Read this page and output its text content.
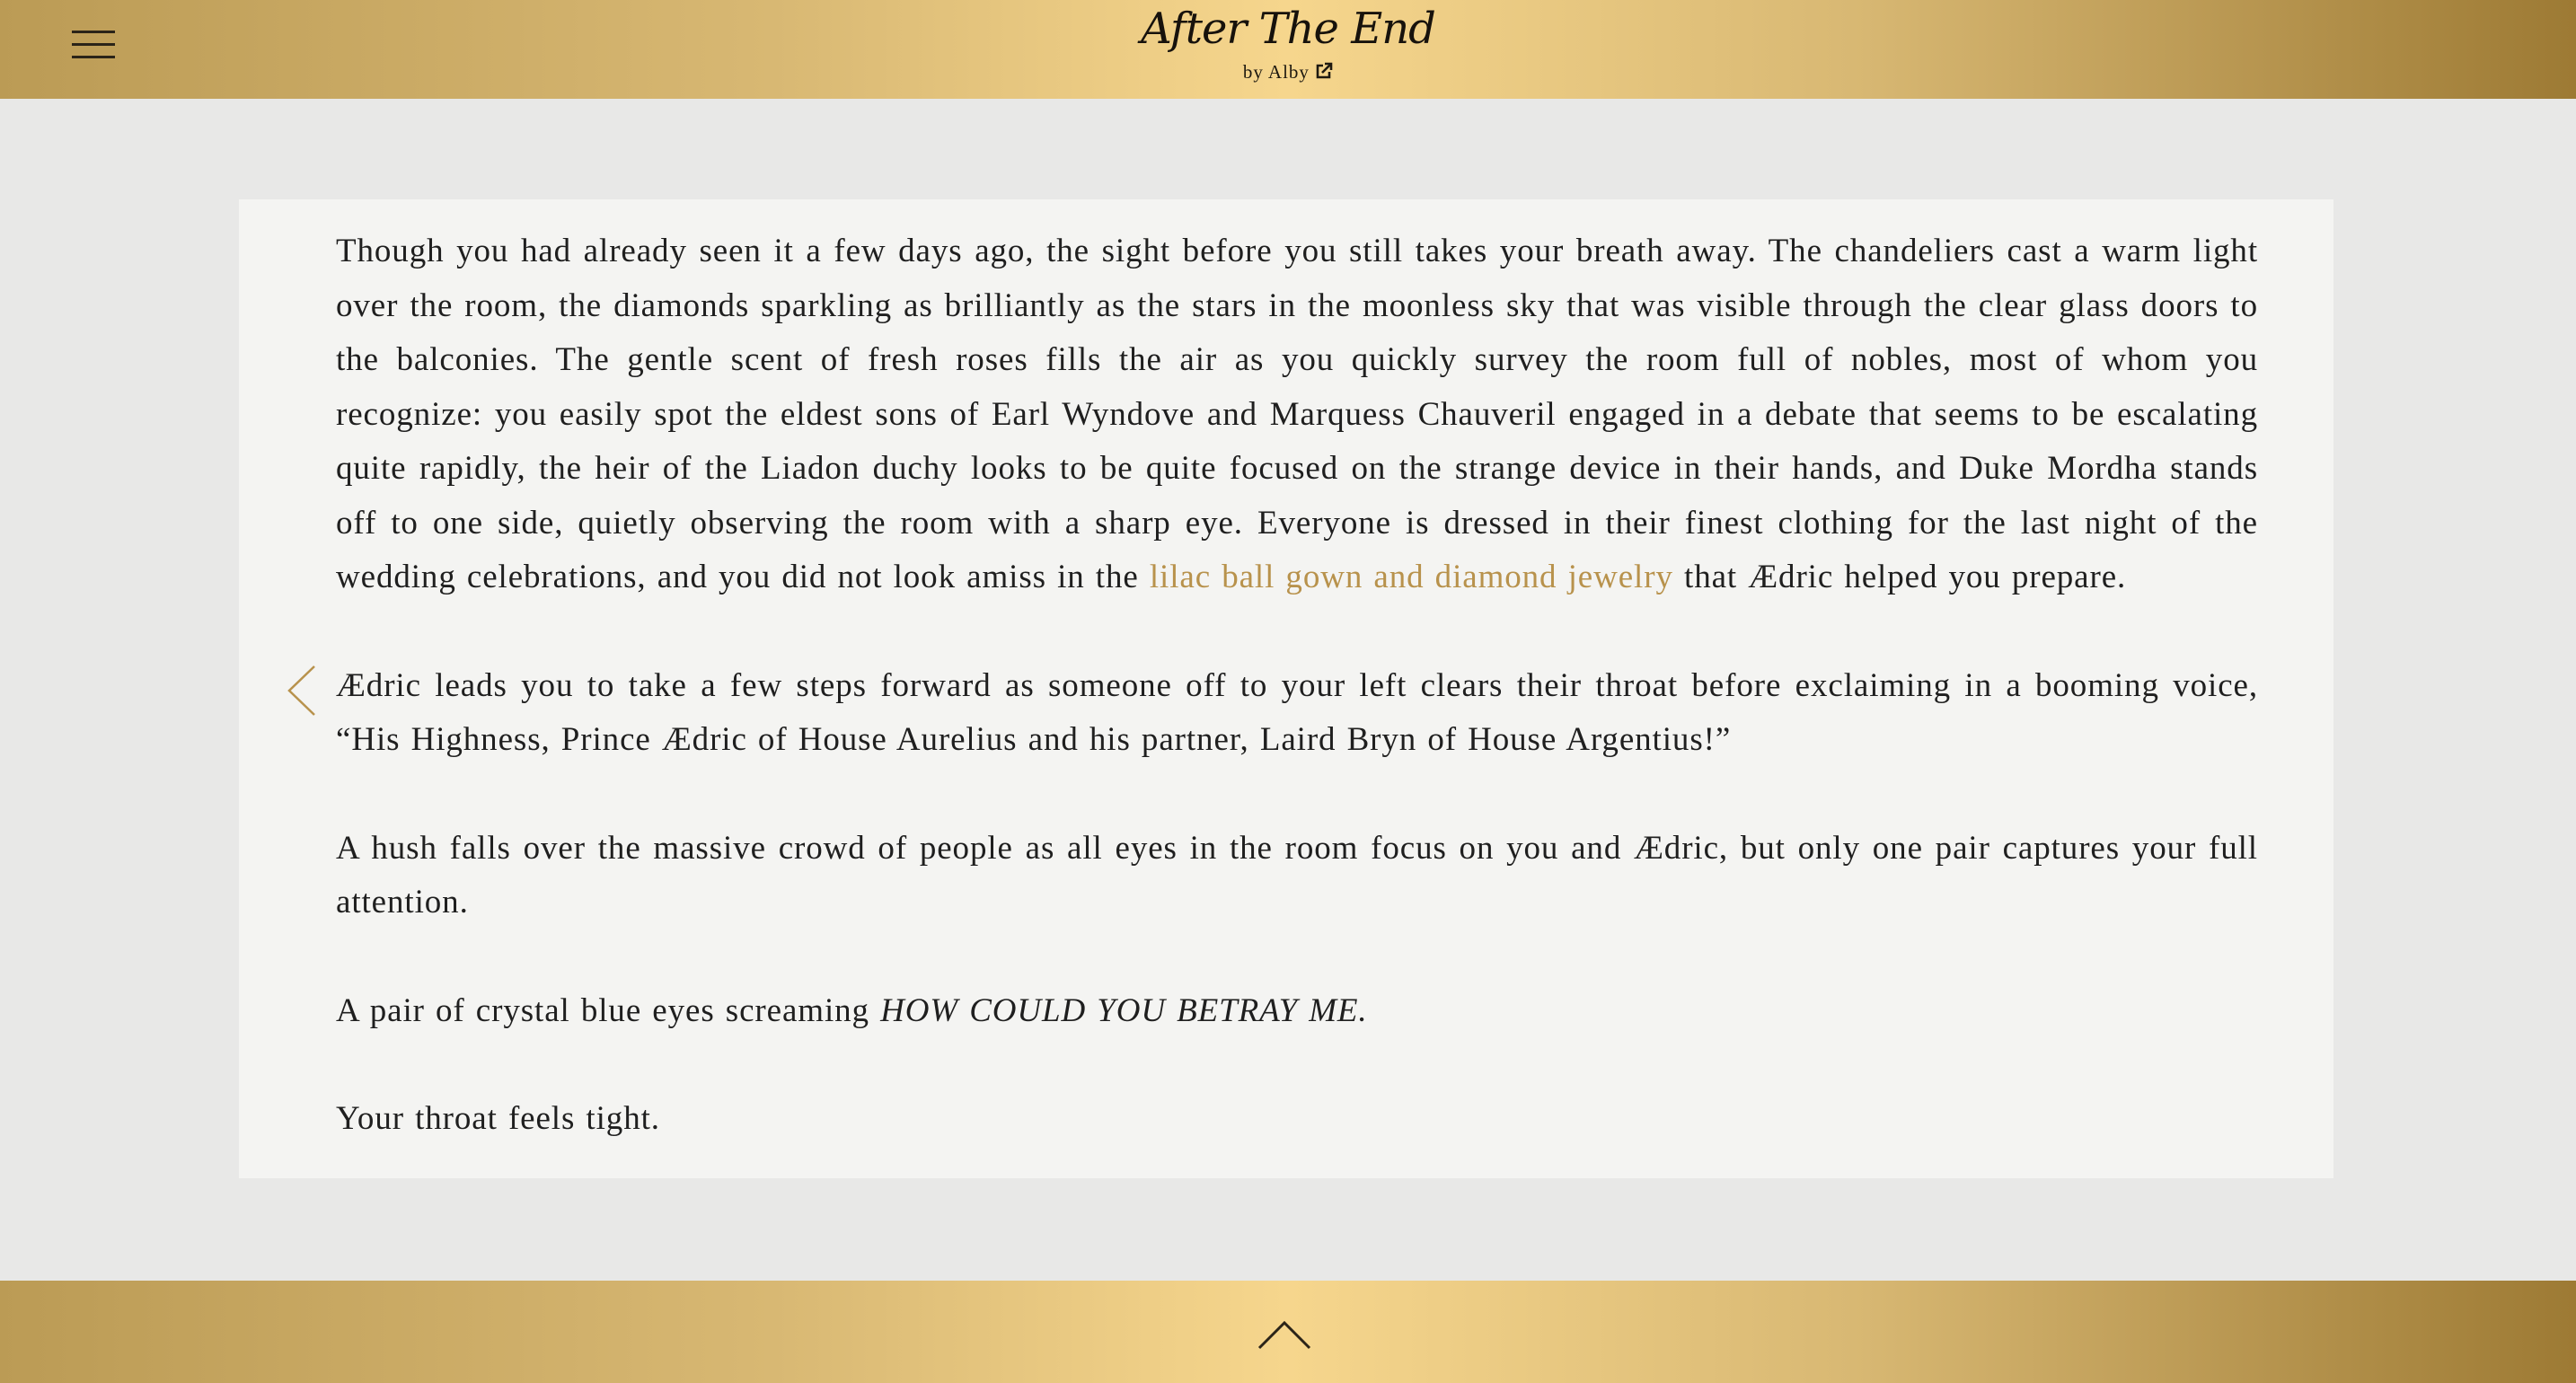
After The End
by Alby

Though you had already seen it a few days ago, the sight before you still takes your breath away. The chandeliers cast a warm light over the room, the diamonds sparkling as brilliantly as the stars in the moonless sky that was visible through the clear glass doors to the balconies. The gentle scent of fresh roses fills the air as you quickly survey the room full of nobles, most of whom you recognize: you easily spot the eldest sons of Earl Wyndove and Marquess Chauveril engaged in a debate that seems to be escalating quite rapidly, the heir of the Liadon duchy looks to be quite focused on the strange device in their hands, and Duke Mordha stands off to one side, quietly observing the room with a sharp eye. Everyone is dressed in their finest clothing for the last night of the wedding celebrations, and you did not look amiss in the lilac ball gown and diamond jewelry that Ædric helped you prepare.

Ædric leads you to take a few steps forward as someone off to your left clears their throat before exclaiming in a booming voice, “His Highness, Prince Ædric of House Aurelius and his partner, Laird Bryn of House Argentius!”

A hush falls over the massive crowd of people as all eyes in the room focus on you and Ædric, but only one pair captures your full attention.

A pair of crystal blue eyes screaming HOW COULD YOU BETRAY ME.

Your throat feels tight.
